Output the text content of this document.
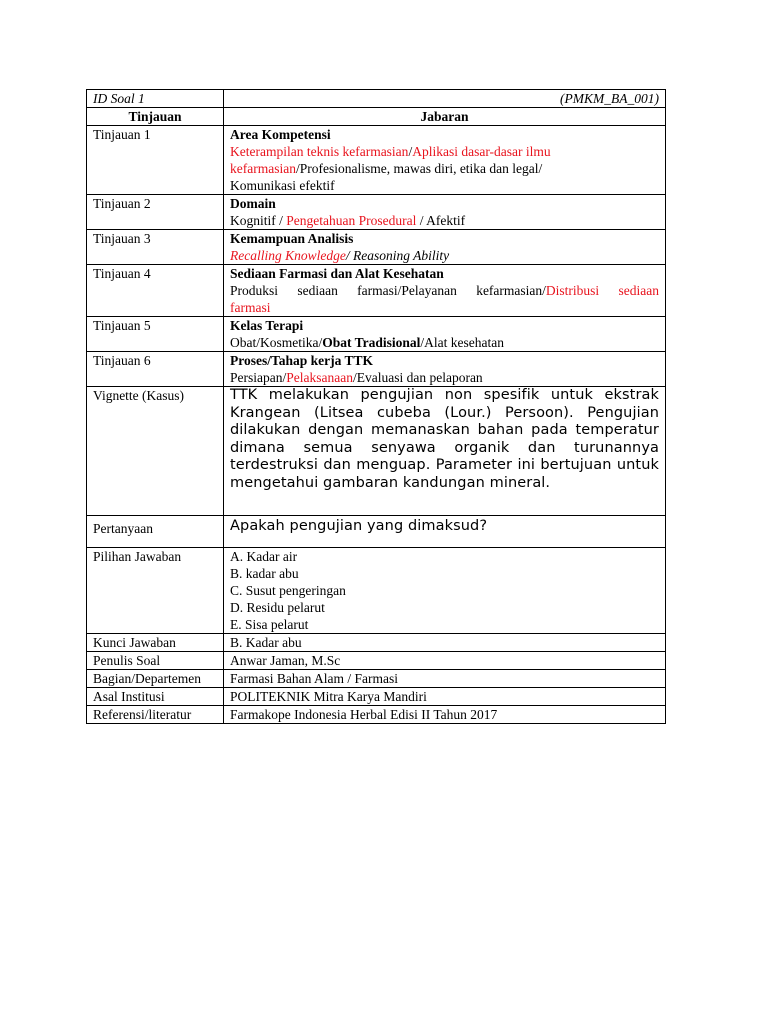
ID Soal 1	(PMKM_BA_001)
Tinjauan	Jabaran
Tinjauan 1	Area Kompetensi
Keterampilan teknis kefarmasian/Aplikasi dasar-dasar ilmu
kefarmasian/Profesionalisme, mawas diri, etika dan legal/
Komunikasi efektif

Tinjauan 2	Domain
Kognitif / Pengetahuan Prosedural / Afektif

Tinjauan 3	Kemampuan Analisis
Recalling Knowledge/ Reasoning Ability

Tinjauan 4	Sediaan Farmasi dan Alat Kesehatan
Produksi sediaan farmasi/Pelayanan kefarmasian/Distribusi sediaan
farmasi

Tinjauan 5	Kelas Terapi
Obat/Kosmetika/Obat Tradisional/Alat kesehatan

Tinjauan 6	Proses/Tahap kerja TTK
Persiapan/Pelaksanaan/Evaluasi dan pelaporan

Vignette (Kasus)	TTK melakukan pengujian non spesifik untuk ekstrak Krangean (Litsea cubeba (Lour.) Persoon). Pengujian dilakukan dengan memanaskan bahan pada temperatur dimana semua senyawa organik dan turunannya terdestruksi dan menguap. Parameter ini bertujuan untuk mengetahui gambaran kandungan mineral.

Pertanyaan	Apakah pengujian yang dimaksud?

Pilihan Jawaban	A. Kadar air
B. kadar abu
C. Susut pengeringan
D. Residu pelarut
E. Sisa pelarut

Kunci Jawaban	B. Kadar abu
Penulis Soal	Anwar Jaman, M.Sc
Bagian/Departemen	Farmasi Bahan Alam / Farmasi
Asal Institusi	POLITEKNIK Mitra Karya Mandiri
Referensi/literatur	Farmakope Indonesia Herbal Edisi II Tahun 2017
